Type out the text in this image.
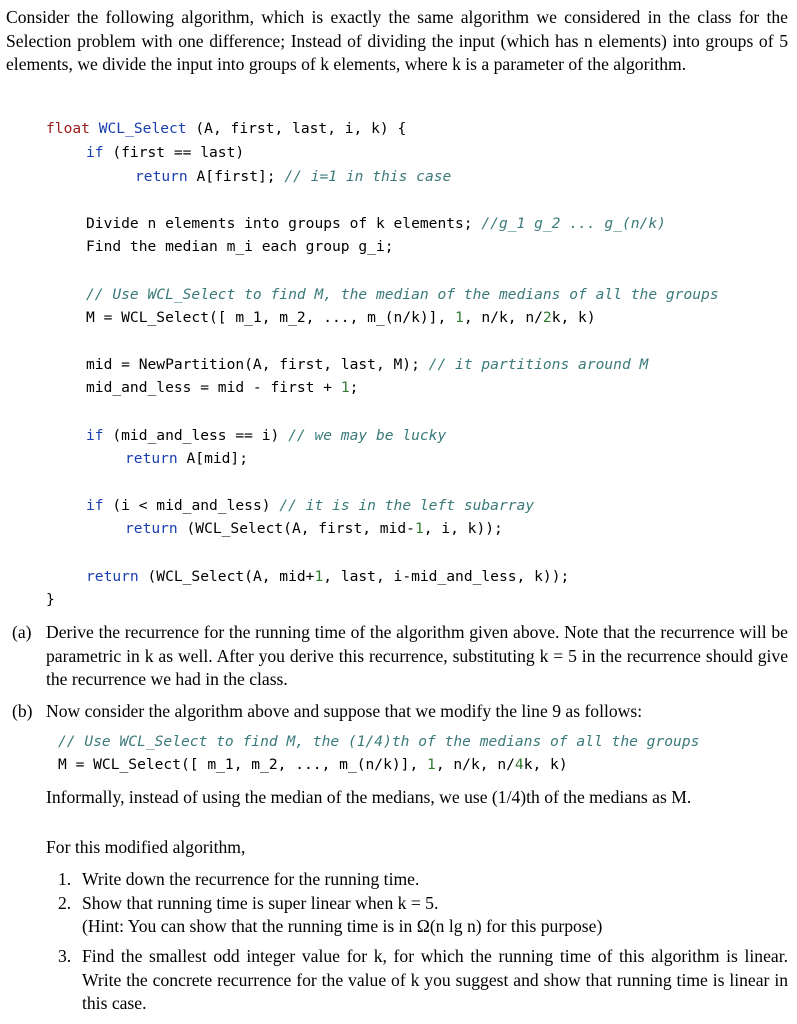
Consider the following algorithm, which is exactly the same algorithm we considered in the class for the Selection problem with one difference; Instead of dividing the input (which has n elements) into groups of 5 elements, we divide the input into groups of k elements, where k is a parameter of the algorithm.

float WCL_Select (A, first, last, i, k) {
if (first == last)
return A[first]; // i=1 in this case
Divide n elements into groups of k elements; //g_1 g_2 ... g_(n/k)
Find the median m_i each group g_i;
// Use WCL_Select to find M, the median of the medians of all the groups
M = WCL_Select([ m_1, m_2, ..., m_(n/k)], 1, n/k, n/2k, k)
mid = NewPartition(A, first, last, M); // it partitions around M
mid_and_less = mid - first + 1;
if (mid_and_less == i) // we may be lucky
return A[mid];
if (i < mid_and_less) // it is in the left subarray
return (WCL_Select(A, first, mid-1, i, k));
return (WCL_Select(A, mid+1, last, i-mid_and_less, k));
}
(a) Derive the recurrence for the running time of the algorithm given above. Note that the recurrence will be parametric in k as well. After you derive this recurrence, substituting k = 5 in the recurrence should give the recurrence we had in the class.

(b) Now consider the algorithm above and suppose that we modify the line 9 as follows:

// Use WCL_Select to find M, the (1/4)th of the medians of all the groups
M = WCL_Select([ m_1, m_2, ..., m_(n/k)], 1, n/k, n/4k, k)

Informally, instead of using the median of the medians, we use (1/4)th of the medians as M.

For this modified algorithm,
1. Write down the recurrence for the running time.
2. Show that running time is super linear when k = 5.
(Hint: You can show that the running time is in Ω(n lg n) for this purpose)
3. Find the smallest odd integer value for k, for which the running time of this algorithm is linear. Write the concrete recurrence for the value of k you suggest and show that running time is linear in this case.
